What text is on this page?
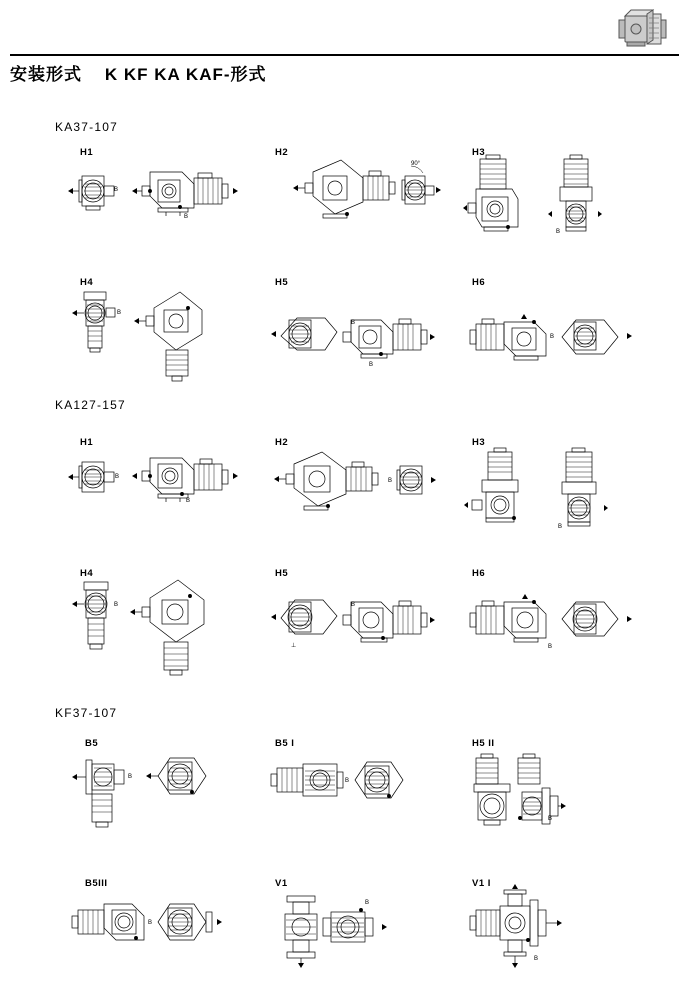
安装形式    K KF KA KAF-形式
KA37-107
KA127-157
KF37-107
H1	H2	H3
H4	H5	H6
H1	H2	H3
H4	H5	H6
B5	B5 I	H5 II
B5III	V1	V1 I
B
B
90°
B
B
B
B
B
B
B
B
B
B	B
⊥	B
B
B
B
B
B
B
